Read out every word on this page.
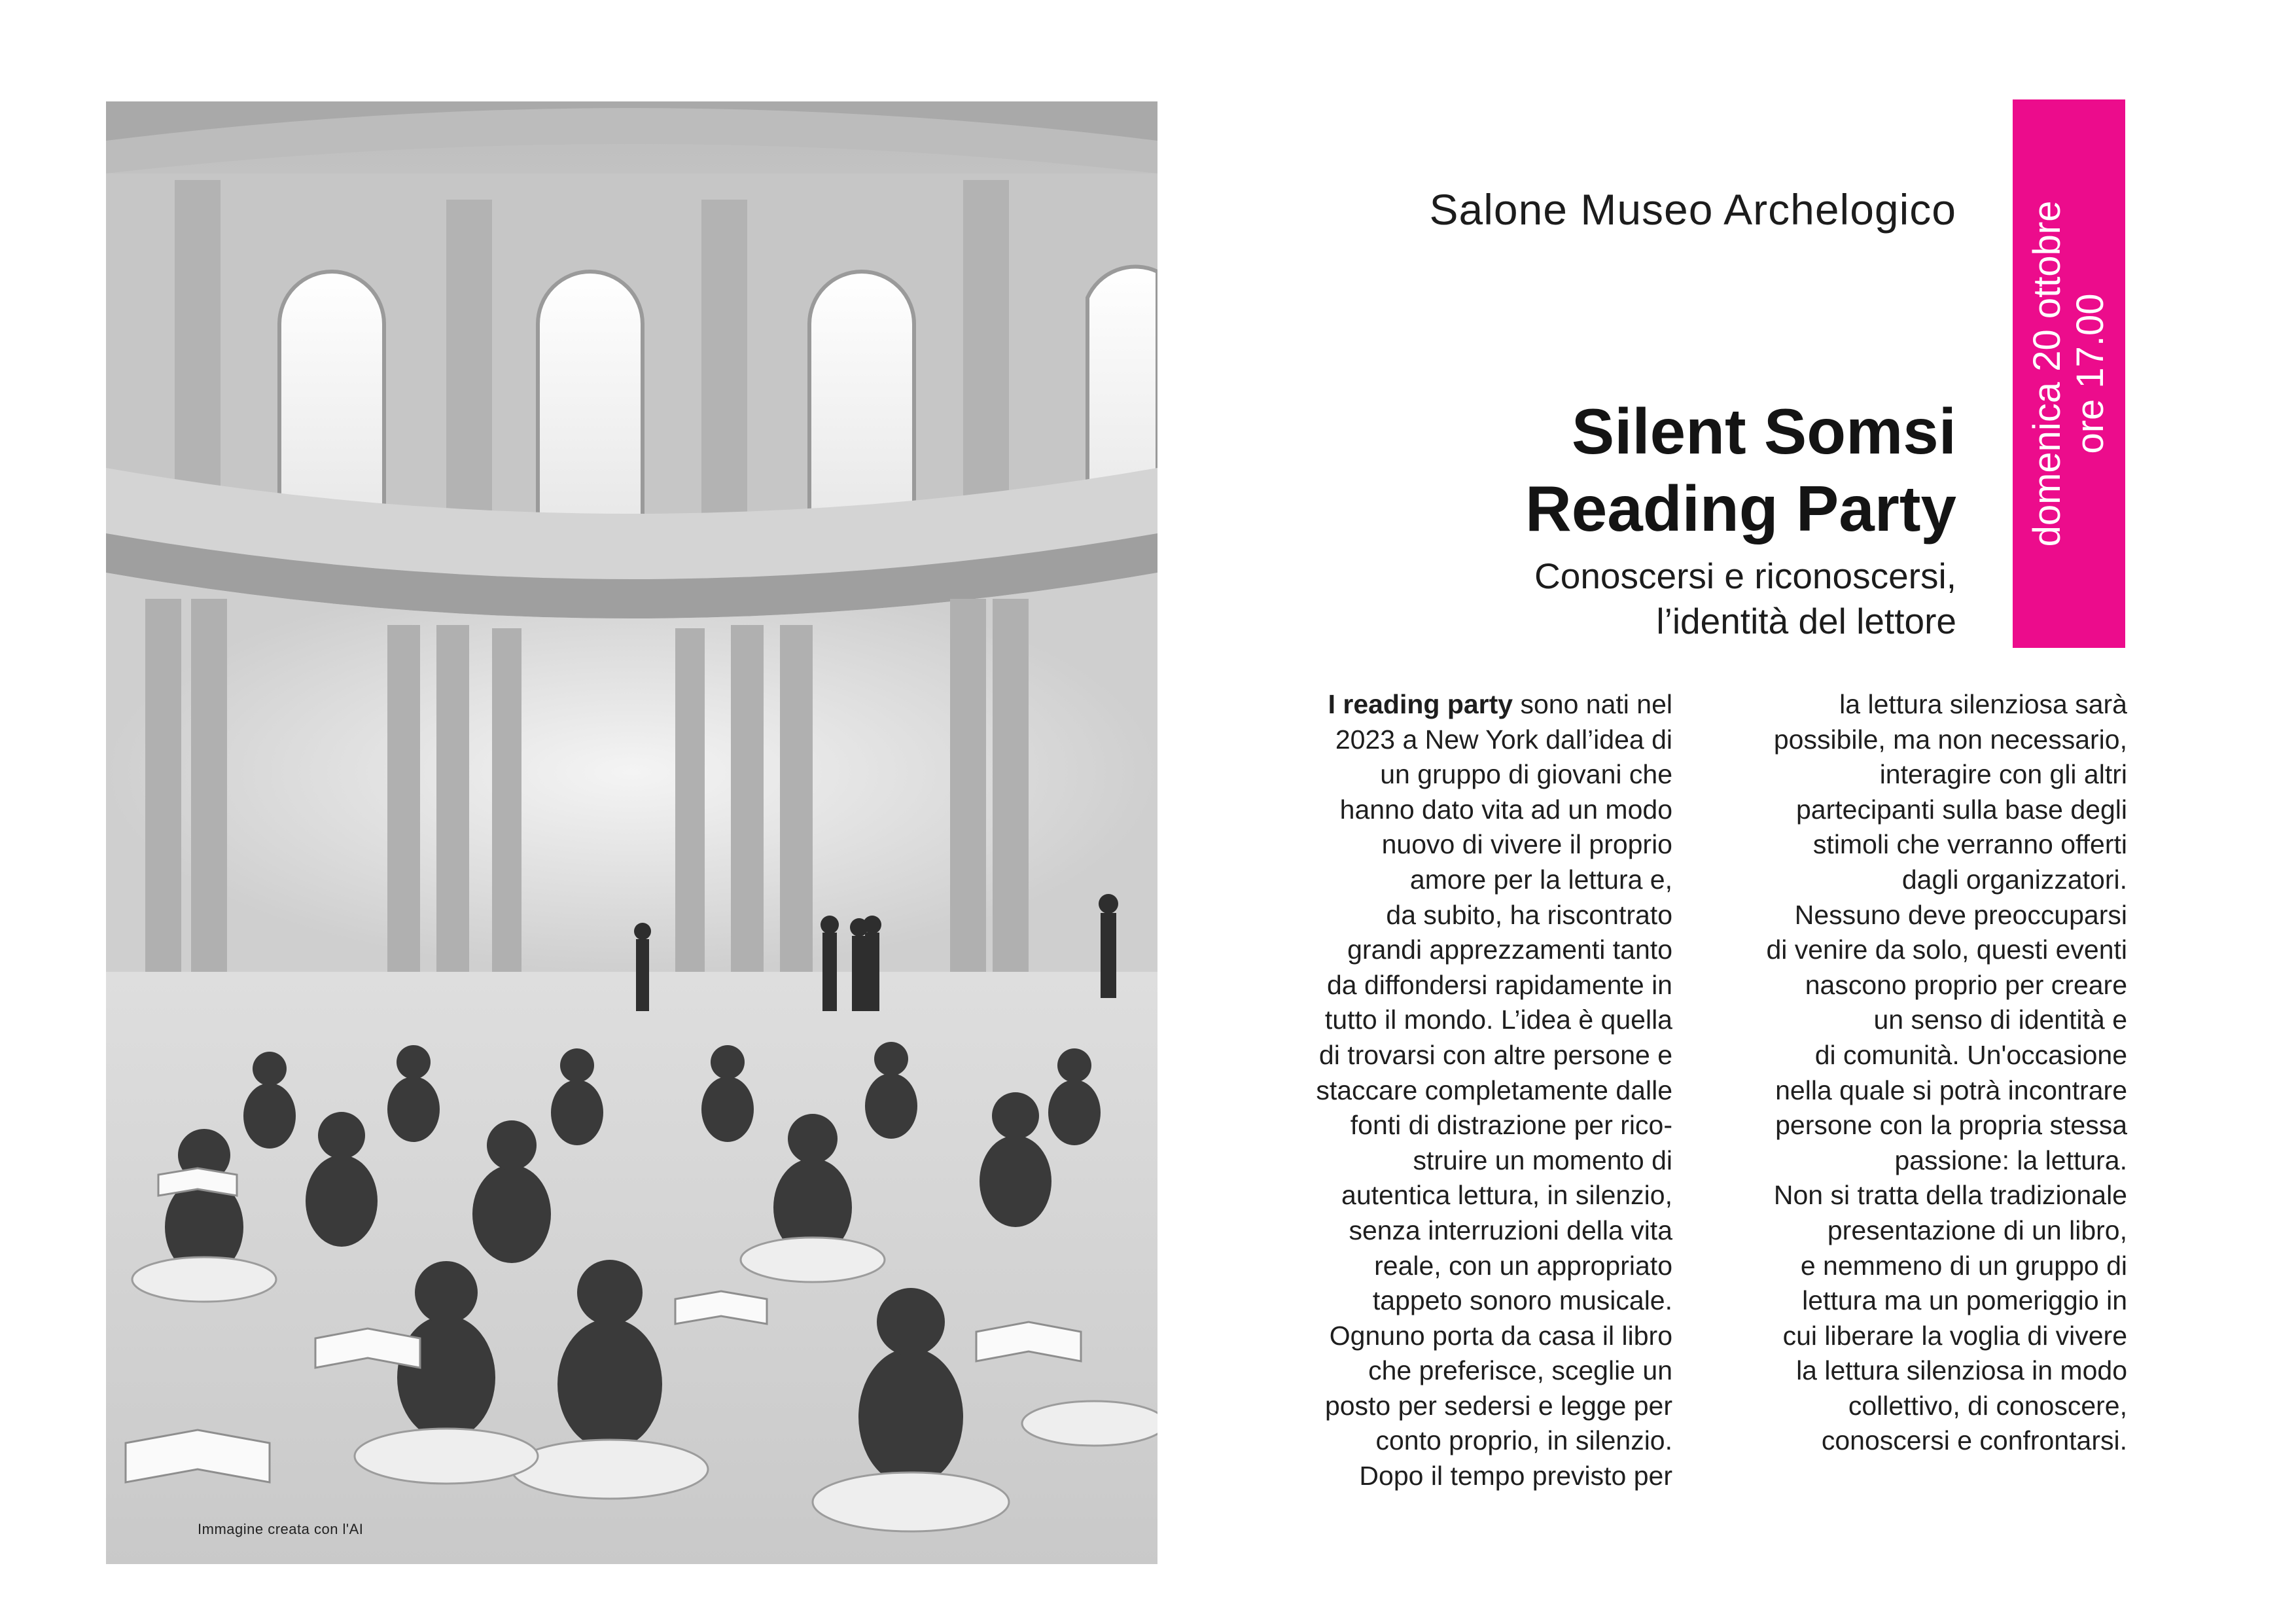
Immagine creata con l'AI
Salone Museo Archelogico
Silent Somsi
Reading Party
Conoscersi e riconoscersi,
l’identità del lettore
domenica 20 ottobre ore 17.00
I reading party sono nati nel
2023 a New York dall’idea di
un gruppo di giovani che
hanno dato vita ad un modo
nuovo di vivere il proprio
amore per la lettura e,
da subito, ha riscontrato
grandi apprezzamenti tanto
da diffondersi rapidamente in
tutto il mondo. L’idea è quella
di trovarsi con altre persone e
staccare completamente dalle
fonti di distrazione per rico-
struire un momento di
autentica lettura, in silenzio,
senza interruzioni della vita
reale, con un appropriato
tappeto sonoro musicale.
Ognuno porta da casa il libro
che preferisce, sceglie un
posto per sedersi e legge per
conto proprio, in silenzio.
Dopo il tempo previsto per
la lettura silenziosa sarà
possibile, ma non necessario,
interagire con gli altri
partecipanti sulla base degli
stimoli che verranno offerti
dagli organizzatori.
Nessuno deve preoccuparsi
di venire da solo, questi eventi
nascono proprio per creare
un senso di identità e
di comunità. Un'occasione
nella quale si potrà incontrare
persone con la propria stessa
passione: la lettura.
Non si tratta della tradizionale
presentazione di un libro,
e nemmeno di un gruppo di
lettura ma un pomeriggio in
cui liberare la voglia di vivere
la lettura silenziosa in modo
collettivo, di conoscere,
conoscersi e confrontarsi.
